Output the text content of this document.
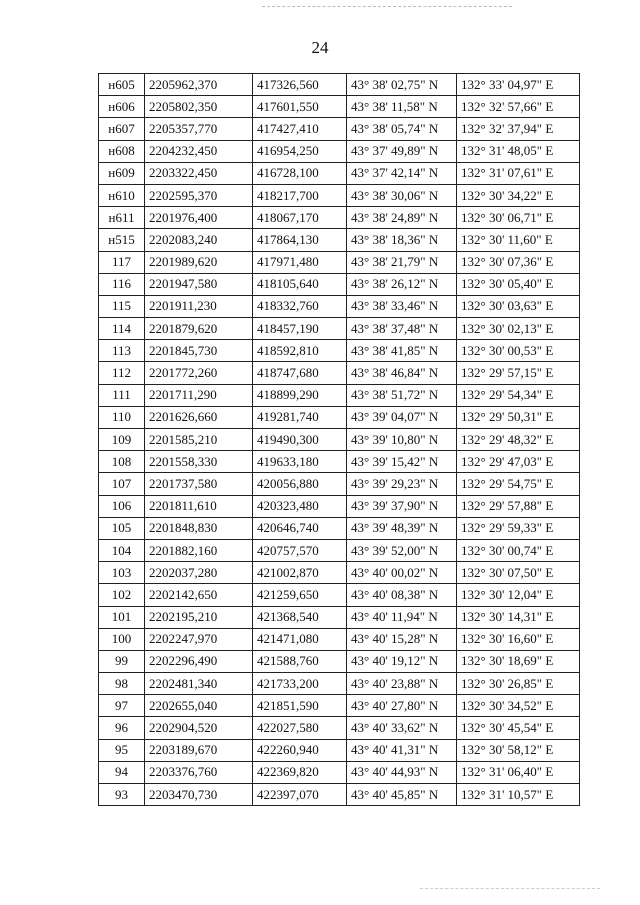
24
н605	2205962,370	417326,560	43° 38' 02,75" N	132° 33' 04,97" E
н606	2205802,350	417601,550	43° 38' 11,58" N	132° 32' 57,66" E
н607	2205357,770	417427,410	43° 38' 05,74" N	132° 32' 37,94" E
н608	2204232,450	416954,250	43° 37' 49,89" N	132° 31' 48,05" E
н609	2203322,450	416728,100	43° 37' 42,14" N	132° 31' 07,61" E
н610	2202595,370	418217,700	43° 38' 30,06" N	132° 30' 34,22" E
н611	2201976,400	418067,170	43° 38' 24,89" N	132° 30' 06,71" E
н515	2202083,240	417864,130	43° 38' 18,36" N	132° 30' 11,60" E
117	2201989,620	417971,480	43° 38' 21,79" N	132° 30' 07,36" E
116	2201947,580	418105,640	43° 38' 26,12" N	132° 30' 05,40" E
115	2201911,230	418332,760	43° 38' 33,46" N	132° 30' 03,63" E
114	2201879,620	418457,190	43° 38' 37,48" N	132° 30' 02,13" E
113	2201845,730	418592,810	43° 38' 41,85" N	132° 30' 00,53" E
112	2201772,260	418747,680	43° 38' 46,84" N	132° 29' 57,15" E
111	2201711,290	418899,290	43° 38' 51,72" N	132° 29' 54,34" E
110	2201626,660	419281,740	43° 39' 04,07" N	132° 29' 50,31" E
109	2201585,210	419490,300	43° 39' 10,80" N	132° 29' 48,32" E
108	2201558,330	419633,180	43° 39' 15,42" N	132° 29' 47,03" E
107	2201737,580	420056,880	43° 39' 29,23" N	132° 29' 54,75" E
106	2201811,610	420323,480	43° 39' 37,90" N	132° 29' 57,88" E
105	2201848,830	420646,740	43° 39' 48,39" N	132° 29' 59,33" E
104	2201882,160	420757,570	43° 39' 52,00" N	132° 30' 00,74" E
103	2202037,280	421002,870	43° 40' 00,02" N	132° 30' 07,50" E
102	2202142,650	421259,650	43° 40' 08,38" N	132° 30' 12,04" E
101	2202195,210	421368,540	43° 40' 11,94" N	132° 30' 14,31" E
100	2202247,970	421471,080	43° 40' 15,28" N	132° 30' 16,60" E
99	2202296,490	421588,760	43° 40' 19,12" N	132° 30' 18,69" E
98	2202481,340	421733,200	43° 40' 23,88" N	132° 30' 26,85" E
97	2202655,040	421851,590	43° 40' 27,80" N	132° 30' 34,52" E
96	2202904,520	422027,580	43° 40' 33,62" N	132° 30' 45,54" E
95	2203189,670	422260,940	43° 40' 41,31" N	132° 30' 58,12" E
94	2203376,760	422369,820	43° 40' 44,93" N	132° 31' 06,40" E
93	2203470,730	422397,070	43° 40' 45,85" N	132° 31' 10,57" E
